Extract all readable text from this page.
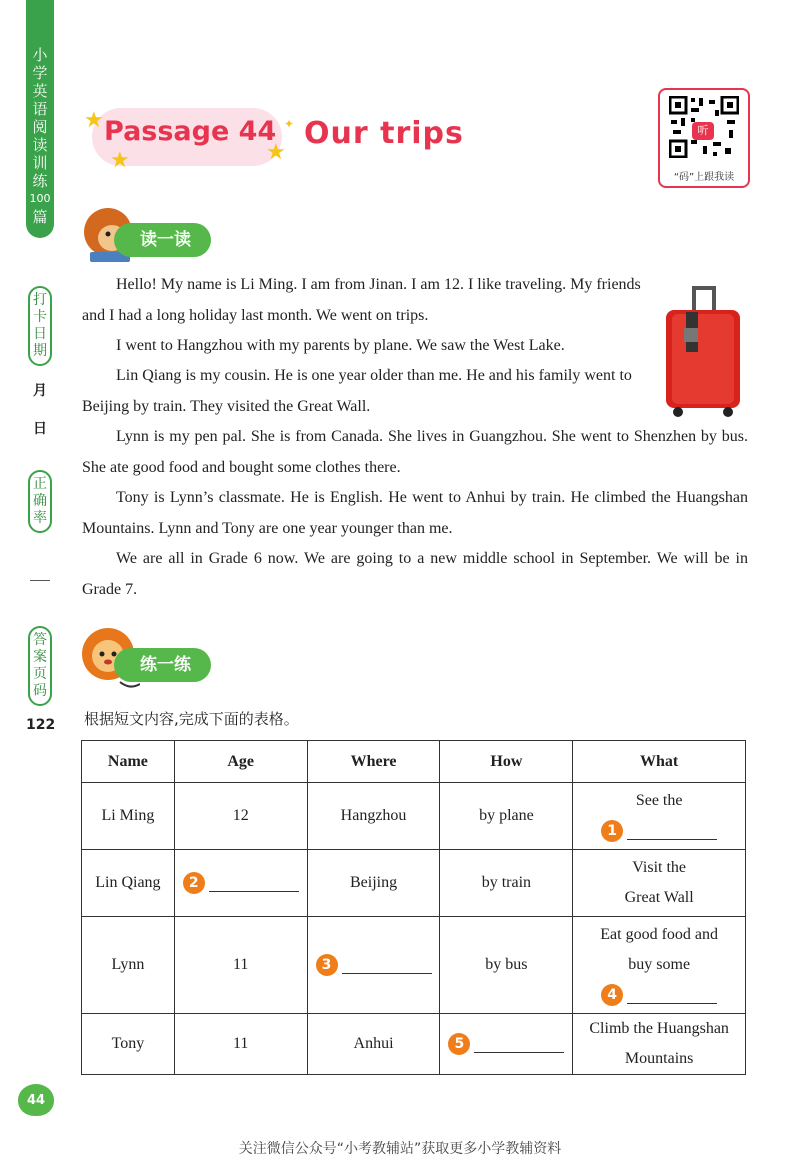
小
学
英
语
阅
读
训
练
100
篇
打
卡
日
期
月
日
正
确
率
答
案
页
码
122
★
★	★
✦
Passage 44 Our trips	听
“码”上跟我读
读一读

Hello! My name is Li Ming. I am from Jinan. I am 12. I like traveling. My friends and I had a long holiday last month. We went on trips.

I went to Hangzhou with my parents by plane. We saw the West Lake.

Lin Qiang is my cousin. He is one year older than me. He and his family went to Beijing by train. They visited the Great Wall.

Lynn is my pen pal. She is from Canada. She lives in Guangzhou. She went to Shenzhen by bus. She ate good food and bought some clothes there.

Tony is Lynn’s classmate. He is English. He went to Anhui by train. He climbed the Huangshan Mountains. Lynn and Tony are one year younger than me.

We are all in Grade 6 now. We are going to a new middle school in September. We will be in Grade 7.

练一练
根据短文内容,完成下面的表格。
Name	Age	Where	How	What
Li Ming	12	Hangzhou	by plane	See the
1

Lin Qiang	2	Beijing	by train	Visit the
Great Wall

Lynn	11	3	by bus	Eat good food and
buy some
4

Tony	11	Anhui	5	Climb the Huangshan
Mountains
44
关注微信公众号“小考教辅站”获取更多小学教辅资料
